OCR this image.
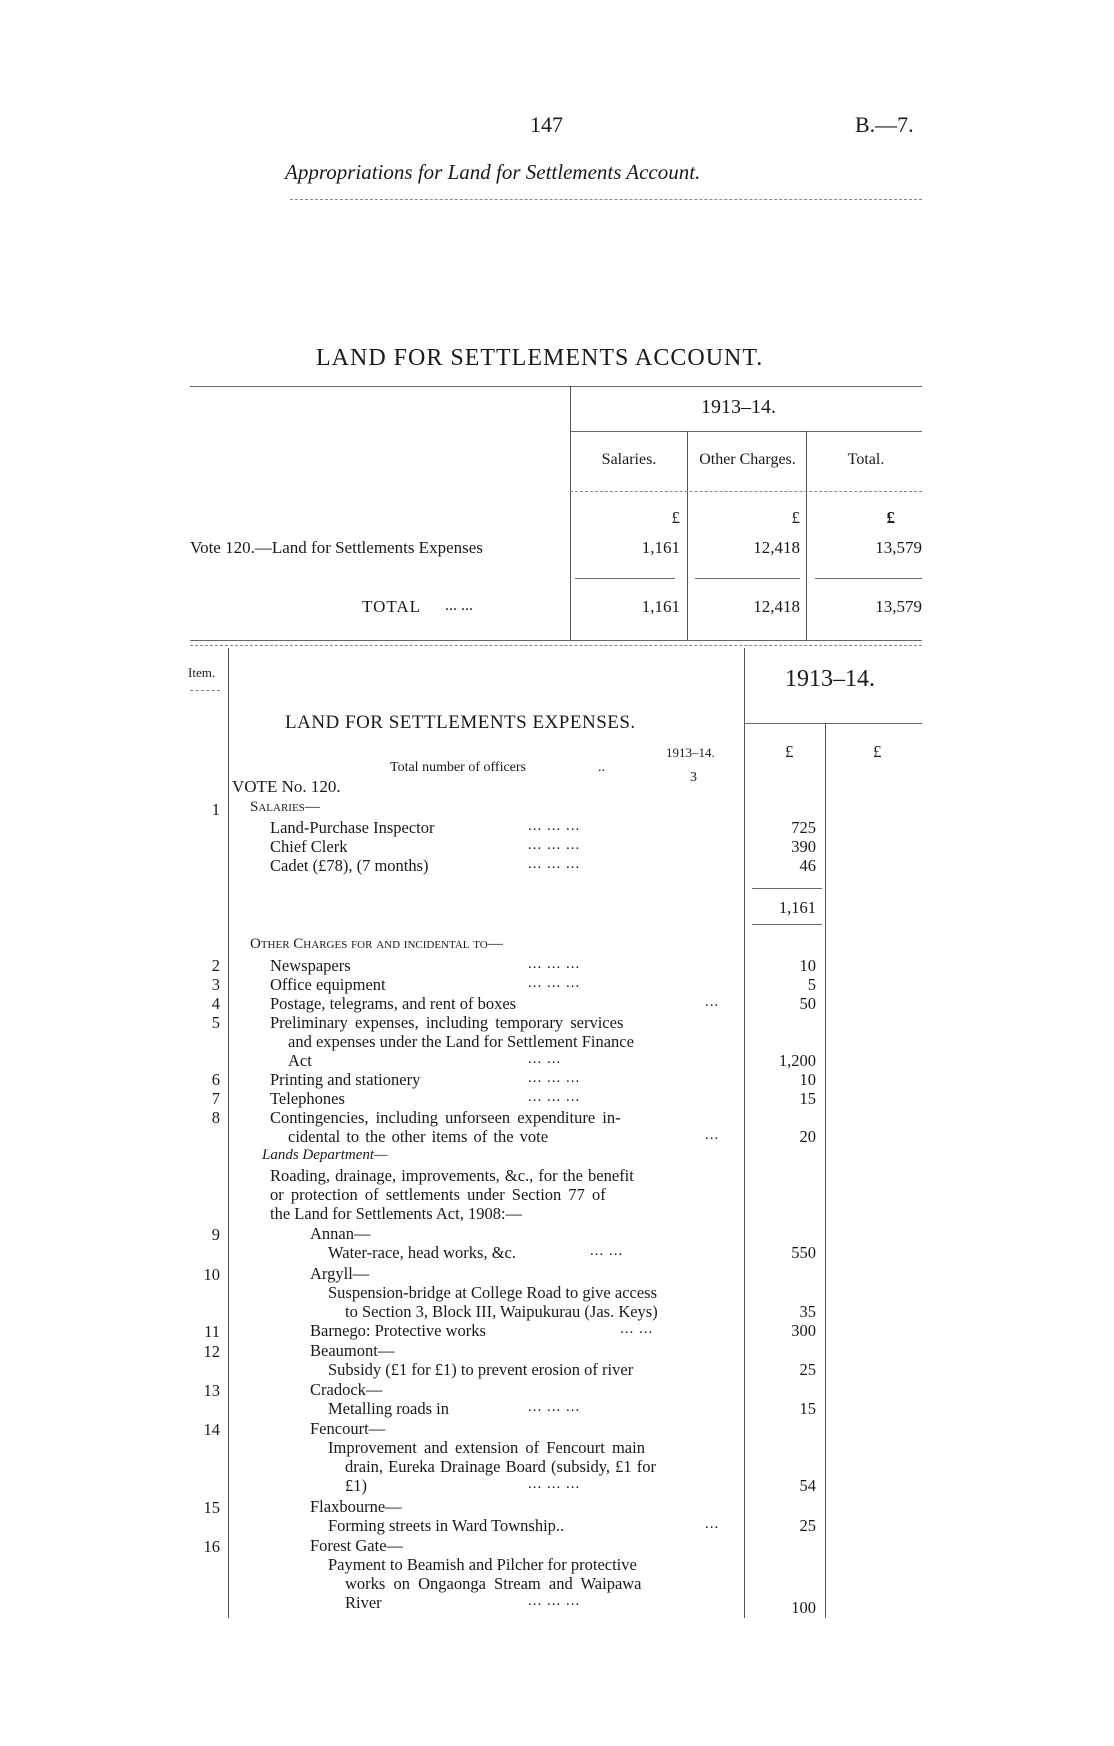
147	B.—7.
Appropriations for Land for Settlements Account.
LAND FOR SETTLEMENTS ACCOUNT.
1913–14.
Salaries.	Other Charges.	Total.
£	£	£
Vote 120.—Land for Settlements Expenses	1,161	12,418	13,579
TOTAL ... ...	1,161	12,418	13,579
Item.	1913–14.
LAND FOR SETTLEMENTS EXPENSES.
1913–14.
Total number of officers	..
3
£	£
VOTE No. 120.
1 Salaries—
Land-Purchase Inspector	... ... ...	725
Chief Clerk	... ... ...	390
Cadet (£78), (7 months)	... ... ...	46
1,161
Other Charges for and incidental to—
2	Newspapers	... ... ...	10
3	Office equipment	... ... ...	5
4	Postage, telegrams, and rent of boxes	...	50
5	Preliminary expenses, including temporary services
and expenses under the Land for Settlement Finance
Act	... ...	1,200
6	Printing and stationery	... ... ...	10
7	Telephones	... ... ...	15
8	Contingencies, including unforseen expenditure in-
cidental to the other items of the vote	...	20
Lands Department—
Roading, drainage, improvements, &c., for the benefit
or protection of settlements under Section 77 of
the Land for Settlements Act, 1908:—
9	Annan—
Water-race, head works, &c.	... ...	550
10	Argyll—
Suspension-bridge at College Road to give access
to Section 3, Block III, Waipukurau (Jas. Keys)	35
11	Barnego: Protective works	... ...	300
12	Beaumont—
Subsidy (£1 for £1) to prevent erosion of river	25
13	Cradock—
Metalling roads in	... ... ...	15
14	Fencourt—
Improvement and extension of Fencourt main
drain, Eureka Drainage Board (subsidy, £1 for
£1)	... ... ...	54
15	Flaxbourne—
Forming streets in Ward Township..	...	25
16	Forest Gate—
Payment to Beamish and Pilcher for protective
works on Ongaonga Stream and Waipawa
River	... ... ...	100
